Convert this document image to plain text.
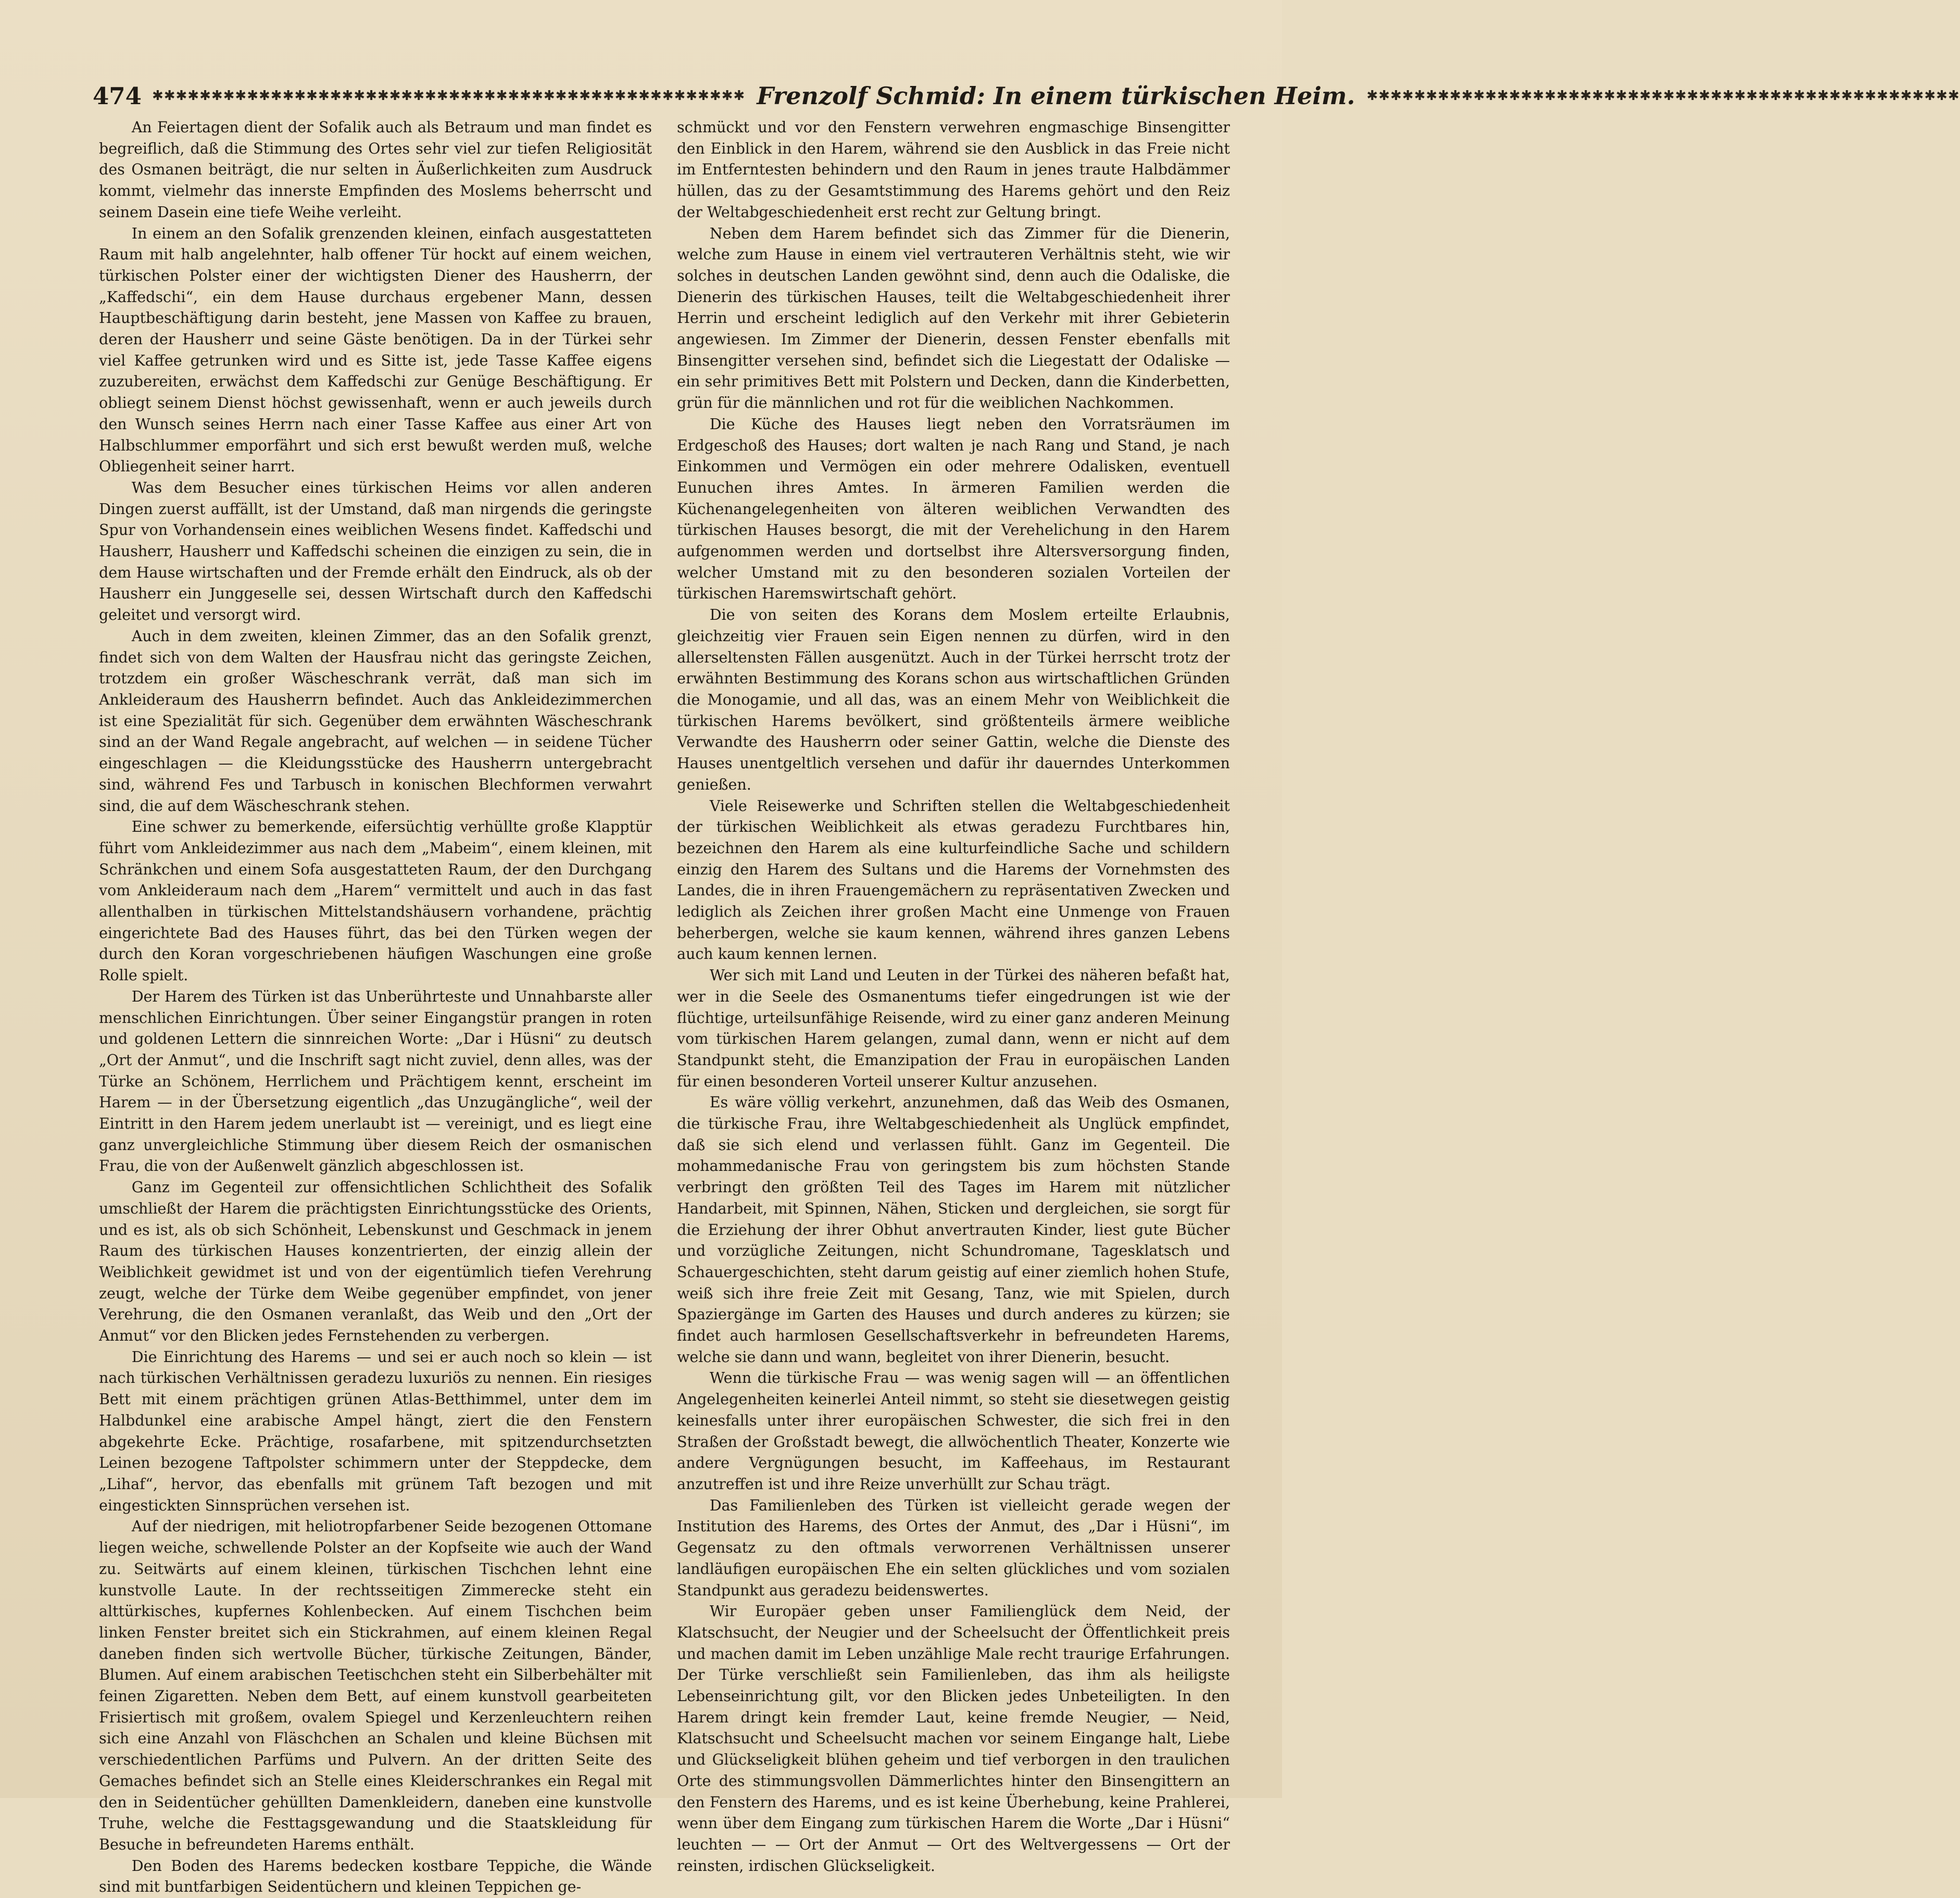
474 ✱✱✱✱✱✱✱✱✱✱✱✱✱✱✱✱✱✱✱✱✱✱✱✱✱✱✱✱✱✱✱✱✱✱✱✱✱✱✱✱✱✱✱✱✱✱✱✱✱✱ Frenzolf Schmid: In einem türkischen Heim. ✱✱✱✱✱✱✱✱✱✱✱✱✱✱✱✱✱✱✱✱✱✱✱✱✱✱✱✱✱✱✱✱✱✱✱✱✱✱✱✱✱✱✱✱✱✱✱✱✱✱

An Feiertagen dient der Sofalik auch als Betraum und man findet es begreiflich, daß die Stimmung des Ortes sehr viel zur tiefen Religiosität des Osmanen beiträgt, die nur selten in Äußerlichkeiten zum Ausdruck kommt, vielmehr das innerste Empfinden des Moslems beherrscht und seinem Dasein eine tiefe Weihe verleiht.

In einem an den Sofalik grenzenden kleinen, einfach ausgestatteten Raum mit halb angelehnter, halb offener Tür hockt auf einem weichen, türkischen Polster einer der wichtigsten Diener des Hausherrn, der „Kaffedschi“, ein dem Hause durchaus ergebener Mann, dessen Hauptbeschäftigung darin besteht, jene Massen von Kaffee zu brauen, deren der Hausherr und seine Gäste benötigen. Da in der Türkei sehr viel Kaffee getrunken wird und es Sitte ist, jede Tasse Kaffee eigens zuzubereiten, erwächst dem Kaffedschi zur Genüge Beschäftigung. Er obliegt seinem Dienst höchst gewissenhaft, wenn er auch jeweils durch den Wunsch seines Herrn nach einer Tasse Kaffee aus einer Art von Halbschlummer emporfährt und sich erst bewußt werden muß, welche Obliegenheit seiner harrt.

Was dem Besucher eines türkischen Heims vor allen anderen Dingen zuerst auffällt, ist der Umstand, daß man nirgends die geringste Spur von Vorhandensein eines weiblichen Wesens findet. Kaffedschi und Hausherr, Hausherr und Kaffedschi scheinen die einzigen zu sein, die in dem Hause wirtschaften und der Fremde erhält den Eindruck, als ob der Hausherr ein Junggeselle sei, dessen Wirtschaft durch den Kaffedschi geleitet und versorgt wird.

Auch in dem zweiten, kleinen Zimmer, das an den Sofalik grenzt, findet sich von dem Walten der Hausfrau nicht das geringste Zeichen, trotzdem ein großer Wäscheschrank verrät, daß man sich im Ankleideraum des Hausherrn befindet. Auch das Ankleidezimmerchen ist eine Spezialität für sich. Gegenüber dem erwähnten Wäscheschrank sind an der Wand Regale angebracht, auf welchen — in seidene Tücher eingeschlagen — die Kleidungsstücke des Hausherrn untergebracht sind, während Fes und Tarbusch in konischen Blechformen verwahrt sind, die auf dem Wäscheschrank stehen.

Eine schwer zu bemerkende, eifersüchtig verhüllte große Klapptür führt vom Ankleidezimmer aus nach dem „Mabeim“, einem kleinen, mit Schränkchen und einem Sofa ausgestatteten Raum, der den Durchgang vom Ankleideraum nach dem „Harem“ vermittelt und auch in das fast allenthalben in türkischen Mittelstandshäusern vorhandene, prächtig eingerichtete Bad des Hauses führt, das bei den Türken wegen der durch den Koran vorgeschriebenen häufigen Waschungen eine große Rolle spielt.

Der Harem des Türken ist das Unberührteste und Unnahbarste aller menschlichen Einrichtungen. Über seiner Eingangstür prangen in roten und goldenen Lettern die sinnreichen Worte: „Dar i Hüsni“ zu deutsch „Ort der Anmut“, und die Inschrift sagt nicht zuviel, denn alles, was der Türke an Schönem, Herrlichem und Prächtigem kennt, erscheint im Harem — in der Übersetzung eigentlich „das Unzugängliche“, weil der Eintritt in den Harem jedem unerlaubt ist — vereinigt, und es liegt eine ganz unvergleichliche Stimmung über diesem Reich der osmanischen Frau, die von der Außenwelt gänzlich abgeschlossen ist.

Ganz im Gegenteil zur offensichtlichen Schlichtheit des Sofalik umschließt der Harem die prächtigsten Einrichtungsstücke des Orients, und es ist, als ob sich Schönheit, Lebenskunst und Geschmack in jenem Raum des türkischen Hauses konzentrierten, der einzig allein der Weiblichkeit gewidmet ist und von der eigentümlich tiefen Verehrung zeugt, welche der Türke dem Weibe gegenüber empfindet, von jener Verehrung, die den Osmanen veranlaßt, das Weib und den „Ort der Anmut“ vor den Blicken jedes Fernstehenden zu verbergen.

Die Einrichtung des Harems — und sei er auch noch so klein — ist nach türkischen Verhältnissen geradezu luxuriös zu nennen. Ein riesiges Bett mit einem prächtigen grünen Atlas-Betthimmel, unter dem im Halbdunkel eine arabische Ampel hängt, ziert die den Fenstern abgekehrte Ecke. Prächtige, rosafarbene, mit spitzendurchsetzten Leinen bezogene Taftpolster schimmern unter der Steppdecke, dem „Lihaf“, hervor, das ebenfalls mit grünem Taft bezogen und mit eingestickten Sinnsprüchen versehen ist.

Auf der niedrigen, mit heliotropfarbener Seide bezogenen Ottomane liegen weiche, schwellende Polster an der Kopfseite wie auch der Wand zu. Seitwärts auf einem kleinen, türkischen Tischchen lehnt eine kunstvolle Laute. In der rechtsseitigen Zimmerecke steht ein alttürkisches, kupfernes Kohlenbecken. Auf einem Tischchen beim linken Fenster breitet sich ein Stickrahmen, auf einem kleinen Regal daneben finden sich wertvolle Bücher, türkische Zeitungen, Bänder, Blumen. Auf einem arabischen Teetischchen steht ein Silberbehälter mit feinen Zigaretten. Neben dem Bett, auf einem kunstvoll gearbeiteten Frisiertisch mit großem, ovalem Spiegel und Kerzenleuchtern reihen sich eine Anzahl von Fläschchen an Schalen und kleine Büchsen mit verschiedentlichen Parfüms und Pulvern. An der dritten Seite des Gemaches befindet sich an Stelle eines Kleiderschrankes ein Regal mit den in Seidentücher gehüllten Damenkleidern, daneben eine kunstvolle Truhe, welche die Festtagsgewandung und die Staatskleidung für Besuche in befreundeten Harems enthält.

Den Boden des Harems bedecken kostbare Teppiche, die Wände sind mit buntfarbigen Seidentüchern und kleinen Teppichen ge-

schmückt und vor den Fenstern verwehren engmaschige Binsengitter den Einblick in den Harem, während sie den Ausblick in das Freie nicht im Entferntesten behindern und den Raum in jenes traute Halbdämmer hüllen, das zu der Gesamtstimmung des Harems gehört und den Reiz der Weltabgeschiedenheit erst recht zur Geltung bringt.

Neben dem Harem befindet sich das Zimmer für die Dienerin, welche zum Hause in einem viel vertrauteren Verhältnis steht, wie wir solches in deutschen Landen gewöhnt sind, denn auch die Odaliske, die Dienerin des türkischen Hauses, teilt die Weltabgeschiedenheit ihrer Herrin und erscheint lediglich auf den Verkehr mit ihrer Gebieterin angewiesen. Im Zimmer der Dienerin, dessen Fenster ebenfalls mit Binsengitter versehen sind, befindet sich die Liegestatt der Odaliske — ein sehr primitives Bett mit Polstern und Decken, dann die Kinderbetten, grün für die männlichen und rot für die weiblichen Nachkommen.

Die Küche des Hauses liegt neben den Vorratsräumen im Erdgeschoß des Hauses; dort walten je nach Rang und Stand, je nach Einkommen und Vermögen ein oder mehrere Odalisken, eventuell Eunuchen ihres Amtes. In ärmeren Familien werden die Küchenangelegenheiten von älteren weiblichen Verwandten des türkischen Hauses besorgt, die mit der Verehelichung in den Harem aufgenommen werden und dortselbst ihre Altersversorgung finden, welcher Umstand mit zu den besonderen sozialen Vorteilen der türkischen Haremswirtschaft gehört.

Die von seiten des Korans dem Moslem erteilte Erlaubnis, gleichzeitig vier Frauen sein Eigen nennen zu dürfen, wird in den allerseltensten Fällen ausgenützt. Auch in der Türkei herrscht trotz der erwähnten Bestimmung des Korans schon aus wirtschaftlichen Gründen die Monogamie, und all das, was an einem Mehr von Weiblichkeit die türkischen Harems bevölkert, sind größtenteils ärmere weibliche Verwandte des Hausherrn oder seiner Gattin, welche die Dienste des Hauses unentgeltlich versehen und dafür ihr dauerndes Unterkommen genießen.

Viele Reisewerke und Schriften stellen die Weltabgeschiedenheit der türkischen Weiblichkeit als etwas geradezu Furchtbares hin, bezeichnen den Harem als eine kulturfeindliche Sache und schildern einzig den Harem des Sultans und die Harems der Vornehmsten des Landes, die in ihren Frauengemächern zu repräsentativen Zwecken und lediglich als Zeichen ihrer großen Macht eine Unmenge von Frauen beherbergen, welche sie kaum kennen, während ihres ganzen Lebens auch kaum kennen lernen.

Wer sich mit Land und Leuten in der Türkei des näheren befaßt hat, wer in die Seele des Osmanentums tiefer eingedrungen ist wie der flüchtige, urteilsunfähige Reisende, wird zu einer ganz anderen Meinung vom türkischen Harem gelangen, zumal dann, wenn er nicht auf dem Standpunkt steht, die Emanzipation der Frau in europäischen Landen für einen besonderen Vorteil unserer Kultur anzusehen.

Es wäre völlig verkehrt, anzunehmen, daß das Weib des Osmanen, die türkische Frau, ihre Weltabgeschiedenheit als Unglück empfindet, daß sie sich elend und verlassen fühlt. Ganz im Gegenteil. Die mohammedanische Frau von geringstem bis zum höchsten Stande verbringt den größten Teil des Tages im Harem mit nützlicher Handarbeit, mit Spinnen, Nähen, Sticken und dergleichen, sie sorgt für die Erziehung der ihrer Obhut anvertrauten Kinder, liest gute Bücher und vorzügliche Zeitungen, nicht Schundromane, Tagesklatsch und Schauergeschichten, steht darum geistig auf einer ziemlich hohen Stufe, weiß sich ihre freie Zeit mit Gesang, Tanz, wie mit Spielen, durch Spaziergänge im Garten des Hauses und durch anderes zu kürzen; sie findet auch harmlosen Gesellschaftsverkehr in befreundeten Harems, welche sie dann und wann, begleitet von ihrer Dienerin, besucht.

Wenn die türkische Frau — was wenig sagen will — an öffentlichen Angelegenheiten keinerlei Anteil nimmt, so steht sie diesetwegen geistig keinesfalls unter ihrer europäischen Schwester, die sich frei in den Straßen der Großstadt bewegt, die allwöchentlich Theater, Konzerte wie andere Vergnügungen besucht, im Kaffeehaus, im Restaurant anzutreffen ist und ihre Reize unverhüllt zur Schau trägt.

Das Familienleben des Türken ist vielleicht gerade wegen der Institution des Harems, des Ortes der Anmut, des „Dar i Hüsni“, im Gegensatz zu den oftmals verworrenen Verhältnissen unserer landläufigen europäischen Ehe ein selten glückliches und vom sozialen Standpunkt aus geradezu beidenswertes.

Wir Europäer geben unser Familienglück dem Neid, der Klatschsucht, der Neugier und der Scheelsucht der Öffentlichkeit preis und machen damit im Leben unzählige Male recht traurige Erfahrungen. Der Türke verschließt sein Familienleben, das ihm als heiligste Lebenseinrichtung gilt, vor den Blicken jedes Unbeteiligten. In den Harem dringt kein fremder Laut, keine fremde Neugier, — Neid, Klatschsucht und Scheelsucht machen vor seinem Eingange halt, Liebe und Glückseligkeit blühen geheim und tief verborgen in den traulichen Orte des stimmungsvollen Dämmerlichtes hinter den Binsengittern an den Fenstern des Harems, und es ist keine Überhebung, keine Prahlerei, wenn über dem Eingang zum türkischen Harem die Worte „Dar i Hüsni“ leuchten — — Ort der Anmut — Ort des Weltvergessens — Ort der reinsten, irdischen Glückseligkeit.
